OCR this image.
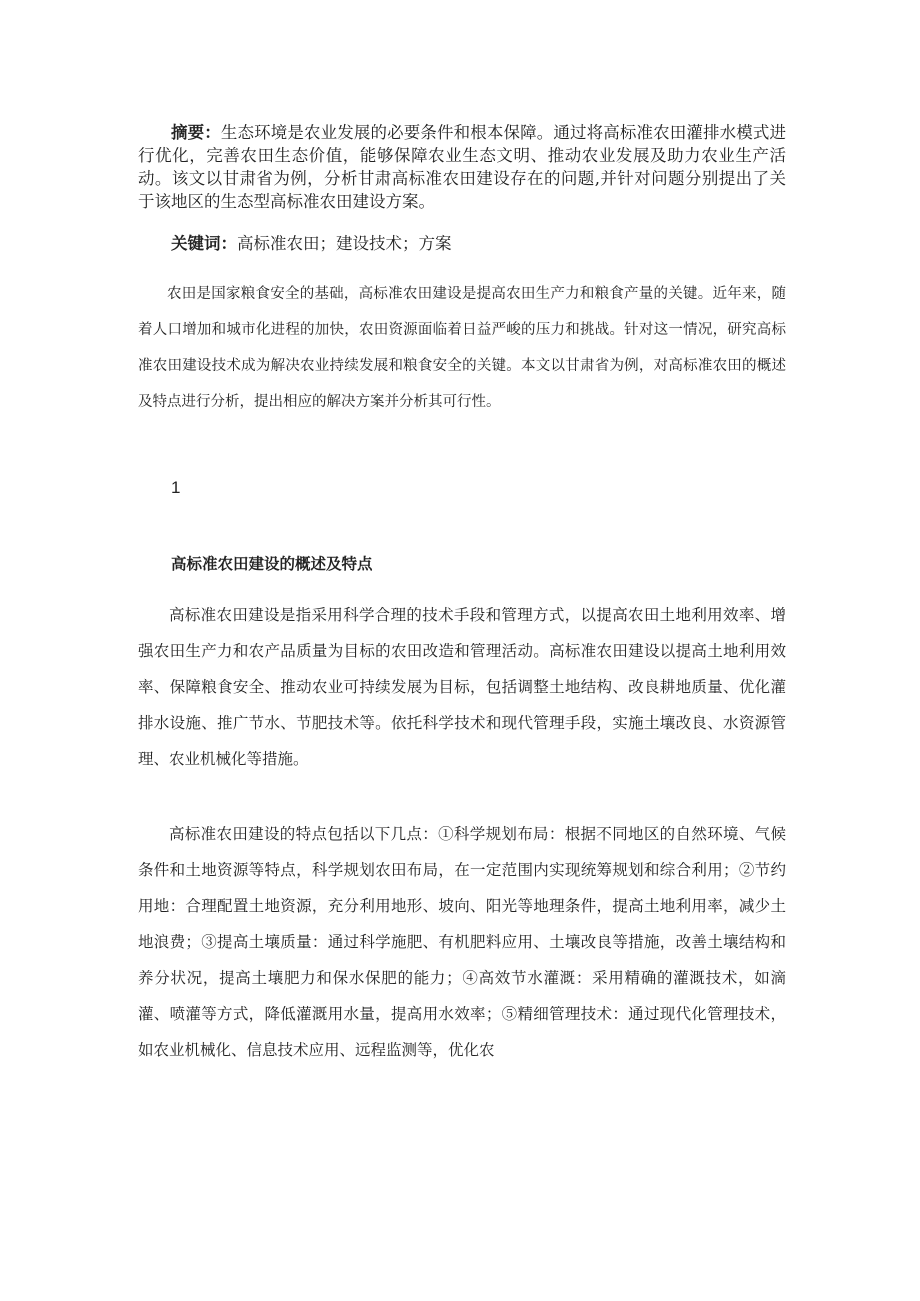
摘要：生态环境是农业发展的必要条件和根本保障。通过将高标准农田灌排水模式进行优化，完善农田生态价值，能够保障农业生态文明、推动农业发展及助力农业生产活动。该文以甘肃省为例，分析甘肃高标准农田建设存在的问题,并针对问题分别提出了关于该地区的生态型高标准农田建设方案。

关键词：高标准农田；建设技术；方案

农田是国家粮食安全的基础，高标准农田建设是提高农田生产力和粮食产量的关键。近年来，随着人口增加和城市化进程的加快，农田资源面临着日益严峻的压力和挑战。针对这一情况，研究高标准农田建设技术成为解决农业持续发展和粮食安全的关键。本文以甘肃省为例，对高标准农田的概述及特点进行分析，提出相应的解决方案并分析其可行性。

1

高标准农田建设的概述及特点

高标准农田建设是指采用科学合理的技术手段和管理方式，以提高农田土地利用效率、增强农田生产力和农产品质量为目标的农田改造和管理活动。高标准农田建设以提高土地利用效率、保障粮食安全、推动农业可持续发展为目标，包括调整土地结构、改良耕地质量、优化灌排水设施、推广节水、节肥技术等。依托科学技术和现代管理手段，实施土壤改良、水资源管理、农业机械化等措施。

高标准农田建设的特点包括以下几点：①科学规划布局：根据不同地区的自然环境、气候条件和土地资源等特点，科学规划农田布局，在一定范围内实现统筹规划和综合利用；②节约用地：合理配置土地资源，充分利用地形、坡向、阳光等地理条件，提高土地利用率，减少土地浪费；③提高土壤质量：通过科学施肥、有机肥料应用、土壤改良等措施，改善土壤结构和养分状况，提高土壤肥力和保水保肥的能力；④高效节水灌溉：采用精确的灌溉技术，如滴灌、喷灌等方式，降低灌溉用水量，提高用水效率；⑤精细管理技术：通过现代化管理技术，如农业机械化、信息技术应用、远程监测等，优化农
